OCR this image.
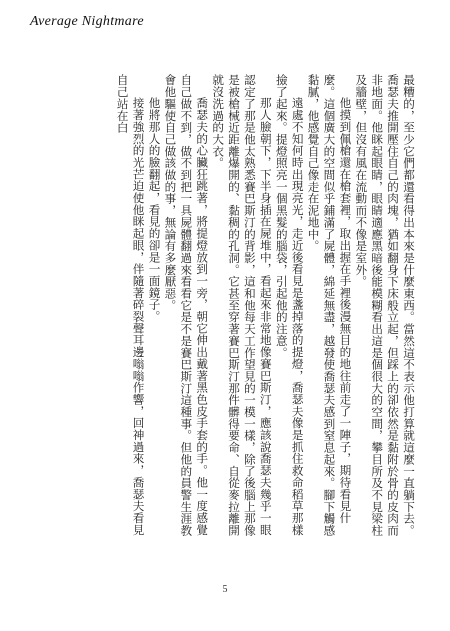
Average Nightmare

最糟的，至少它們都還看得出本來是什麼東西。當然這不表示他打算就這麼一直躺下去。喬瑟夫推開壓住自己的肉塊，猶如翻身下床般立起，但踩上的卻依然是黏附於骨的皮肉而非地面。他眯起眼睛，眼睛適應黑暗後能模糊看出這是個很大的空間，攀目所及不見梁柱及牆壁，但沒有風在流動而不像是室外。

他摸到佩槍還在槍套裡，取出握在手裡後漫無目的地往前走了一陣子，期待看見什麼。這個廣大的空間似乎鋪滿了屍體，綿延無盡，越發使喬瑟夫感到窒息起來。腳下觸感黏膩，他感覺自己像走在泥地中。

遠處不知何時出現亮光，走近後看見是盞掉落的提燈，喬瑟夫像是抓住救命稻草那樣撿了起來。提燈照亮一個黑髮的腦袋，引起他的注意。

那人臉朝下，下半身插在屍堆中，看起來非常地像賽巴斯汀，應該說喬瑟夫幾乎一眼認定了那是他太熟悉賽巴斯汀的背影，這和他每天工作望見的一模一樣，除了後腦上那像是被槍械近距離爆開的、黏稠的孔洞。它甚至穿著賽巴斯汀那件髒得要命、自從麥拉離開就沒洗過的大衣。

喬瑟夫的心臟狂跳著，將提燈放到一旁，朝它伸出戴著黑色皮手套的手。他一度感覺自己做不到，做不到把一具屍體翻過來看看它是不是賽巴斯汀這種事。但他的員警生涯教會他驅使自己做該做的事，無論有多麼厭惡。

他將那人的臉翻起，看見的卻是一面鏡子。

接著強烈的光芒迫使他眯起眼，伴隨著碎裂聲耳邊嗡嗡作響，回神過來，喬瑟夫看見自己站在白

5
